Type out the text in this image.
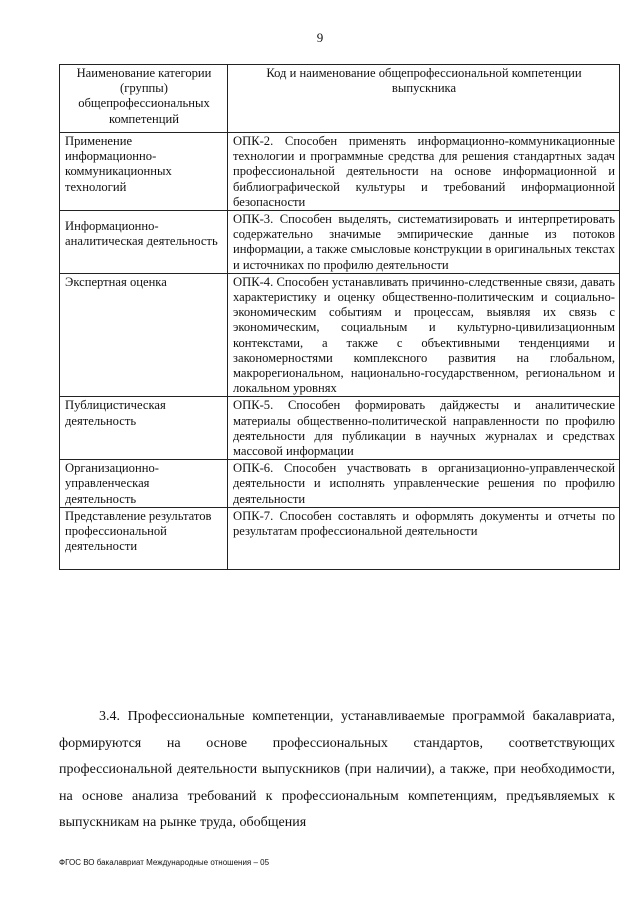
9
Наименование категории (группы) общепрофессиональных компетенций	Код и наименование общепрофессиональной компетенции выпускника
Применение информационно-коммуникационных технологий	ОПК-2. Способен применять информационно-коммуникационные технологии и программные средства для решения стандартных задач профессиональной деятельности на основе информационной и библиографической культуры и требований информационной безопасности
Информационно-аналитическая деятельность	ОПК-3. Способен выделять, систематизировать и интерпретировать содержательно значимые эмпирические данные из потоков информации, а также смысловые конструкции в оригинальных текстах и источниках по профилю деятельности
Экспертная оценка	ОПК-4. Способен устанавливать причинно-следственные связи, давать характеристику и оценку общественно-политическим и социально-экономическим событиям и процессам, выявляя их связь с экономическим, социальным и культурно-цивилизационным контекстами, а также с объективными тенденциями и закономерностями комплексного развития на глобальном, макрорегиональном, национально-государственном, региональном и локальном уровнях
Публицистическая деятельность	ОПК-5. Способен формировать дайджесты и аналитические материалы общественно-политической направленности по профилю деятельности для публикации в научных журналах и средствах массовой информации
Организационно-управленческая деятельность	ОПК-6. Способен участвовать в организационно-управленческой деятельности и исполнять управленческие решения по профилю деятельности
Представление результатов профессиональной деятельности	ОПК-7. Способен составлять и оформлять документы и отчеты по результатам профессиональной деятельности
3.4. Профессиональные компетенции, устанавливаемые программой бакалавриата, формируются на основе профессиональных стандартов, соответствующих профессиональной деятельности выпускников (при наличии), а также, при необходимости, на основе анализа требований к профессиональным компетенциям, предъявляемых к выпускникам на рынке труда, обобщения
ФГОС ВО бакалавриат Международные отношения – 05
